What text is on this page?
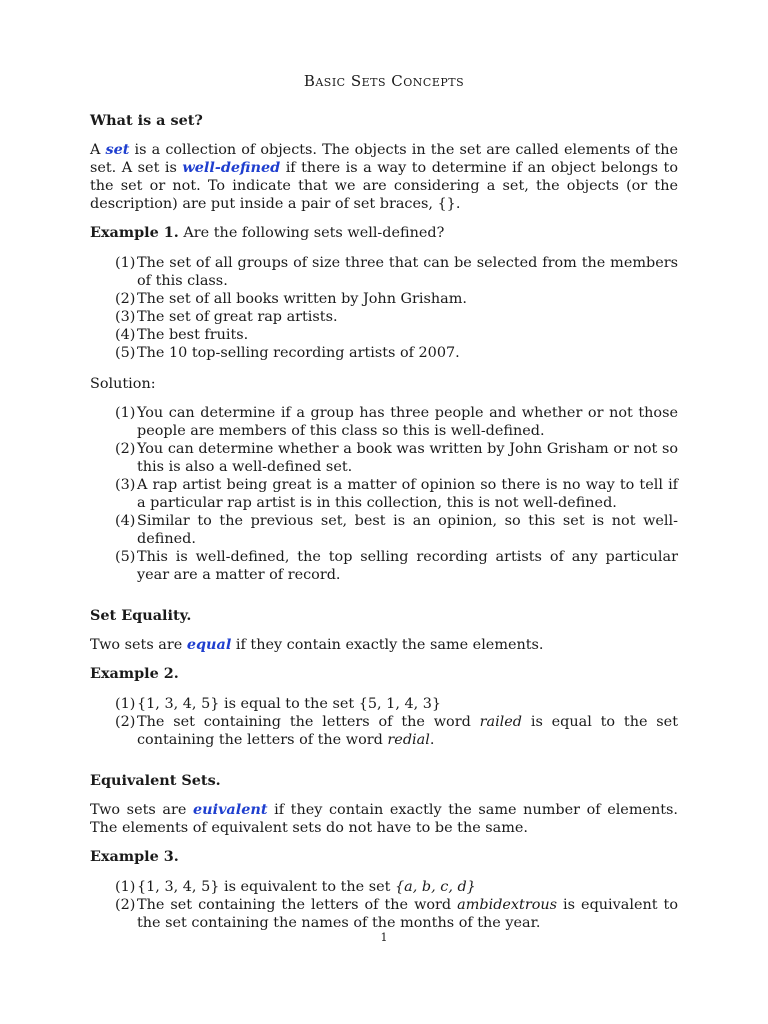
Basic Sets Concepts
What is a set?
A set is a collection of objects. The objects in the set are called elements of the set. A set is well-defined if there is a way to determine if an object belongs to the set or not. To indicate that we are considering a set, the objects (or the description) are put inside a pair of set braces, {}.
Example 1. Are the following sets well-defined?
(1) The set of all groups of size three that can be selected from the members of this class.
(2) The set of all books written by John Grisham.
(3) The set of great rap artists.
(4) The best fruits.
(5) The 10 top-selling recording artists of 2007.
Solution:
(1) You can determine if a group has three people and whether or not those people are members of this class so this is well-defined.
(2) You can determine whether a book was written by John Grisham or not so this is also a well-defined set.
(3) A rap artist being great is a matter of opinion so there is no way to tell if a particular rap artist is in this collection, this is not well-defined.
(4) Similar to the previous set, best is an opinion, so this set is not well-defined.
(5) This is well-defined, the top selling recording artists of any particular year are a matter of record.
Set Equality.
Two sets are equal if they contain exactly the same elements.
Example 2.
(1) {1, 3, 4, 5} is equal to the set {5, 1, 4, 3}
(2) The set containing the letters of the word railed is equal to the set containing the letters of the word redial.
Equivalent Sets.
Two sets are euivalent if they contain exactly the same number of elements. The elements of equivalent sets do not have to be the same.
Example 3.
(1) {1, 3, 4, 5} is equivalent to the set {a, b, c, d}
(2) The set containing the letters of the word ambidextrous is equivalent to the set containing the names of the months of the year.
1
